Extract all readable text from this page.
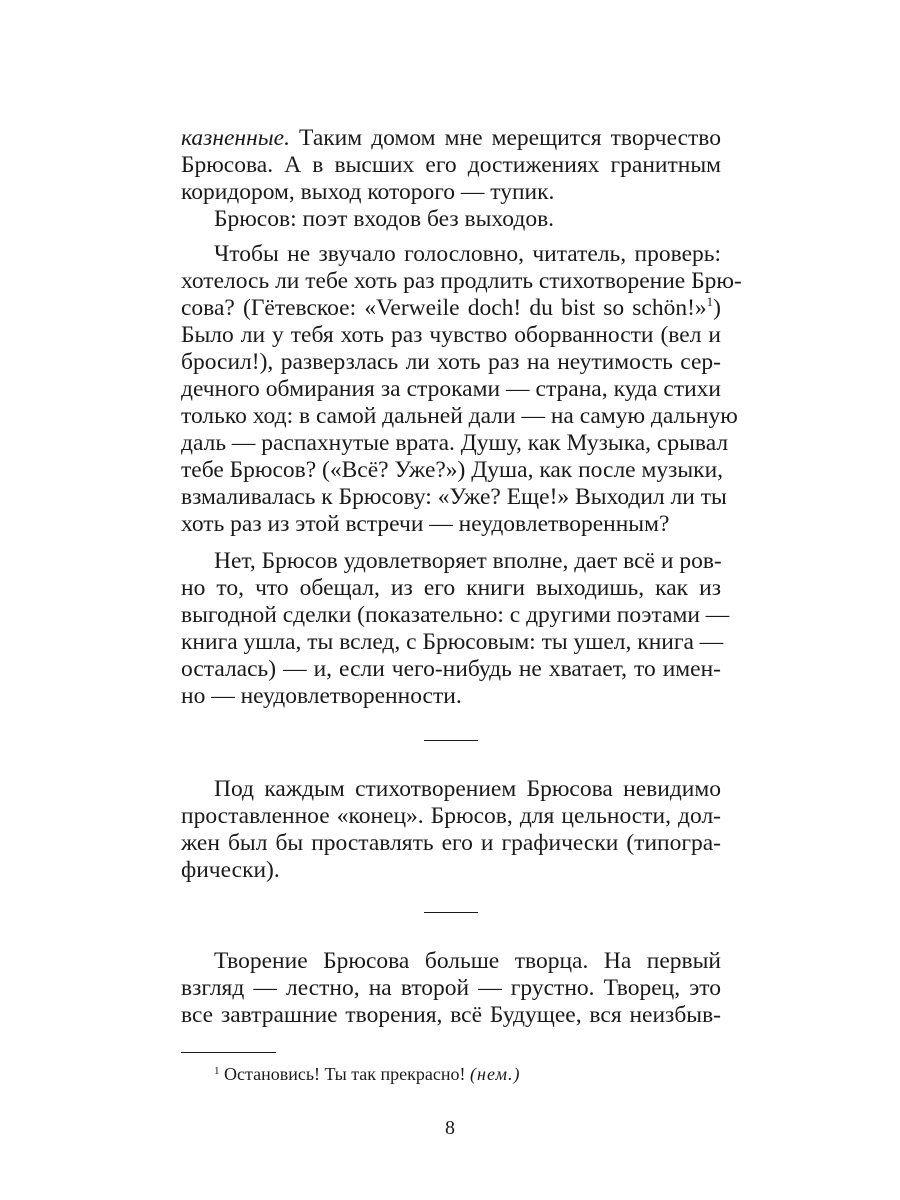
казненные. Таким домом мне мерещится творчество
Брюсова. А в высших его достижениях гранитным
коридором, выход которого — тупик.
Брюсов: поэт входов без выходов.
Чтобы не звучало голословно, читатель, проверь:
хотелось ли тебе хоть раз продлить стихотворение Брю-
сова? (Гётевское: «Verweile doch! du bist so schön!»$^1$)
Было ли у тебя хоть раз чувство оборванности (вел и
бросил!), разверзлась ли хоть раз на неутимость сер-
дечного обмирания за строками — страна, куда стихи
только ход: в самой дальней дали — на самую дальную
даль — распахнутые врата. Душу, как Музыка, срывал
тебе Брюсов? («Всё? Уже?») Душа, как после музыки,
взмаливалась к Брюсову: «Уже? Еще!» Выходил ли ты
хоть раз из этой встречи — неудовлетворенным?
Нет, Брюсов удовлетворяет вполне, дает всё и ров-
но то, что обещал, из его книги выходишь, как из
выгодной сделки (показательно: с другими поэтами —
книга ушла, ты вслед, с Брюсовым: ты ушел, книга —
осталась) — и, если чего-нибудь не хватает, то имен-
но — неудовлетворенности.
Под каждым стихотворением Брюсова невидимо
проставленное «конец». Брюсов, для цельности, дол-
жен был бы проставлять его и графически (типогра-
фически).
Творение Брюсова больше творца. На первый
взгляд — лестно, на второй — грустно. Творец, это
все завтрашние творения, всё Будущее, вся неизбыв-
$^1$ Остановись! Ты так прекрасно! (нем.)
8
